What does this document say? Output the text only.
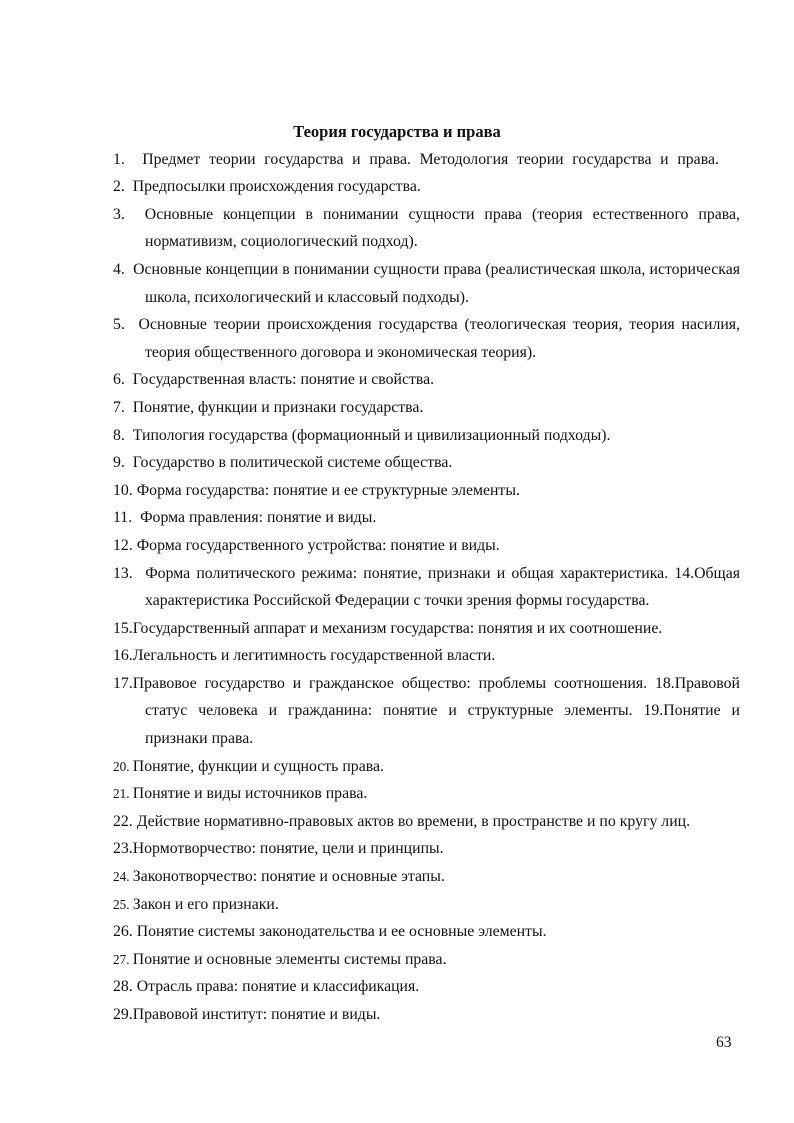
Теория государства и права

1.  Предмет теории государства и права. Методология теории государства и права.

2.  Предпосылки происхождения государства.

3.  Основные концепции в понимании сущности права (теория естественного права, нормативизм, социологический подход).

4.  Основные концепции в понимании сущности права (реалистическая школа, историческая школа, психологический и классовый подходы).

5.  Основные теории происхождения государства (теологическая теория, теория насилия, теория общественного договора и экономическая теория).

6.  Государственная власть: понятие и свойства.

7.  Понятие, функции и признаки государства.

8.  Типология государства (формационный и цивилизационный подходы).

9.  Государство в политической системе общества.

10. Форма государства: понятие и ее структурные элементы.

11.  Форма правления: понятие и виды.

12. Форма государственного устройства: понятие и виды.

13.  Форма политического режима: понятие, признаки и общая характеристика. 14.Общая характеристика Российской Федерации с точки зрения формы государства.

15.Государственный аппарат и механизм государства: понятия и их соотношение.

16.Легальность и легитимность государственной власти.

17.Правовое государство и гражданское общество: проблемы соотношения. 18.Правовой статус человека и гражданина: понятие и структурные элементы. 19.Понятие и признаки права.

20. Понятие, функции и сущность права.

21. Понятие и виды источников права.

22. Действие нормативно-правовых актов во времени, в пространстве и по кругу лиц.

23.Нормотворчество: понятие, цели и принципы.

24. Законотворчество: понятие и основные этапы.

25. Закон и его признаки.

26. Понятие системы законодательства и ее основные элементы.

27. Понятие и основные элементы системы права.

28. Отрасль права: понятие и классификация.

29.Правовой институт: понятие и виды.

63
